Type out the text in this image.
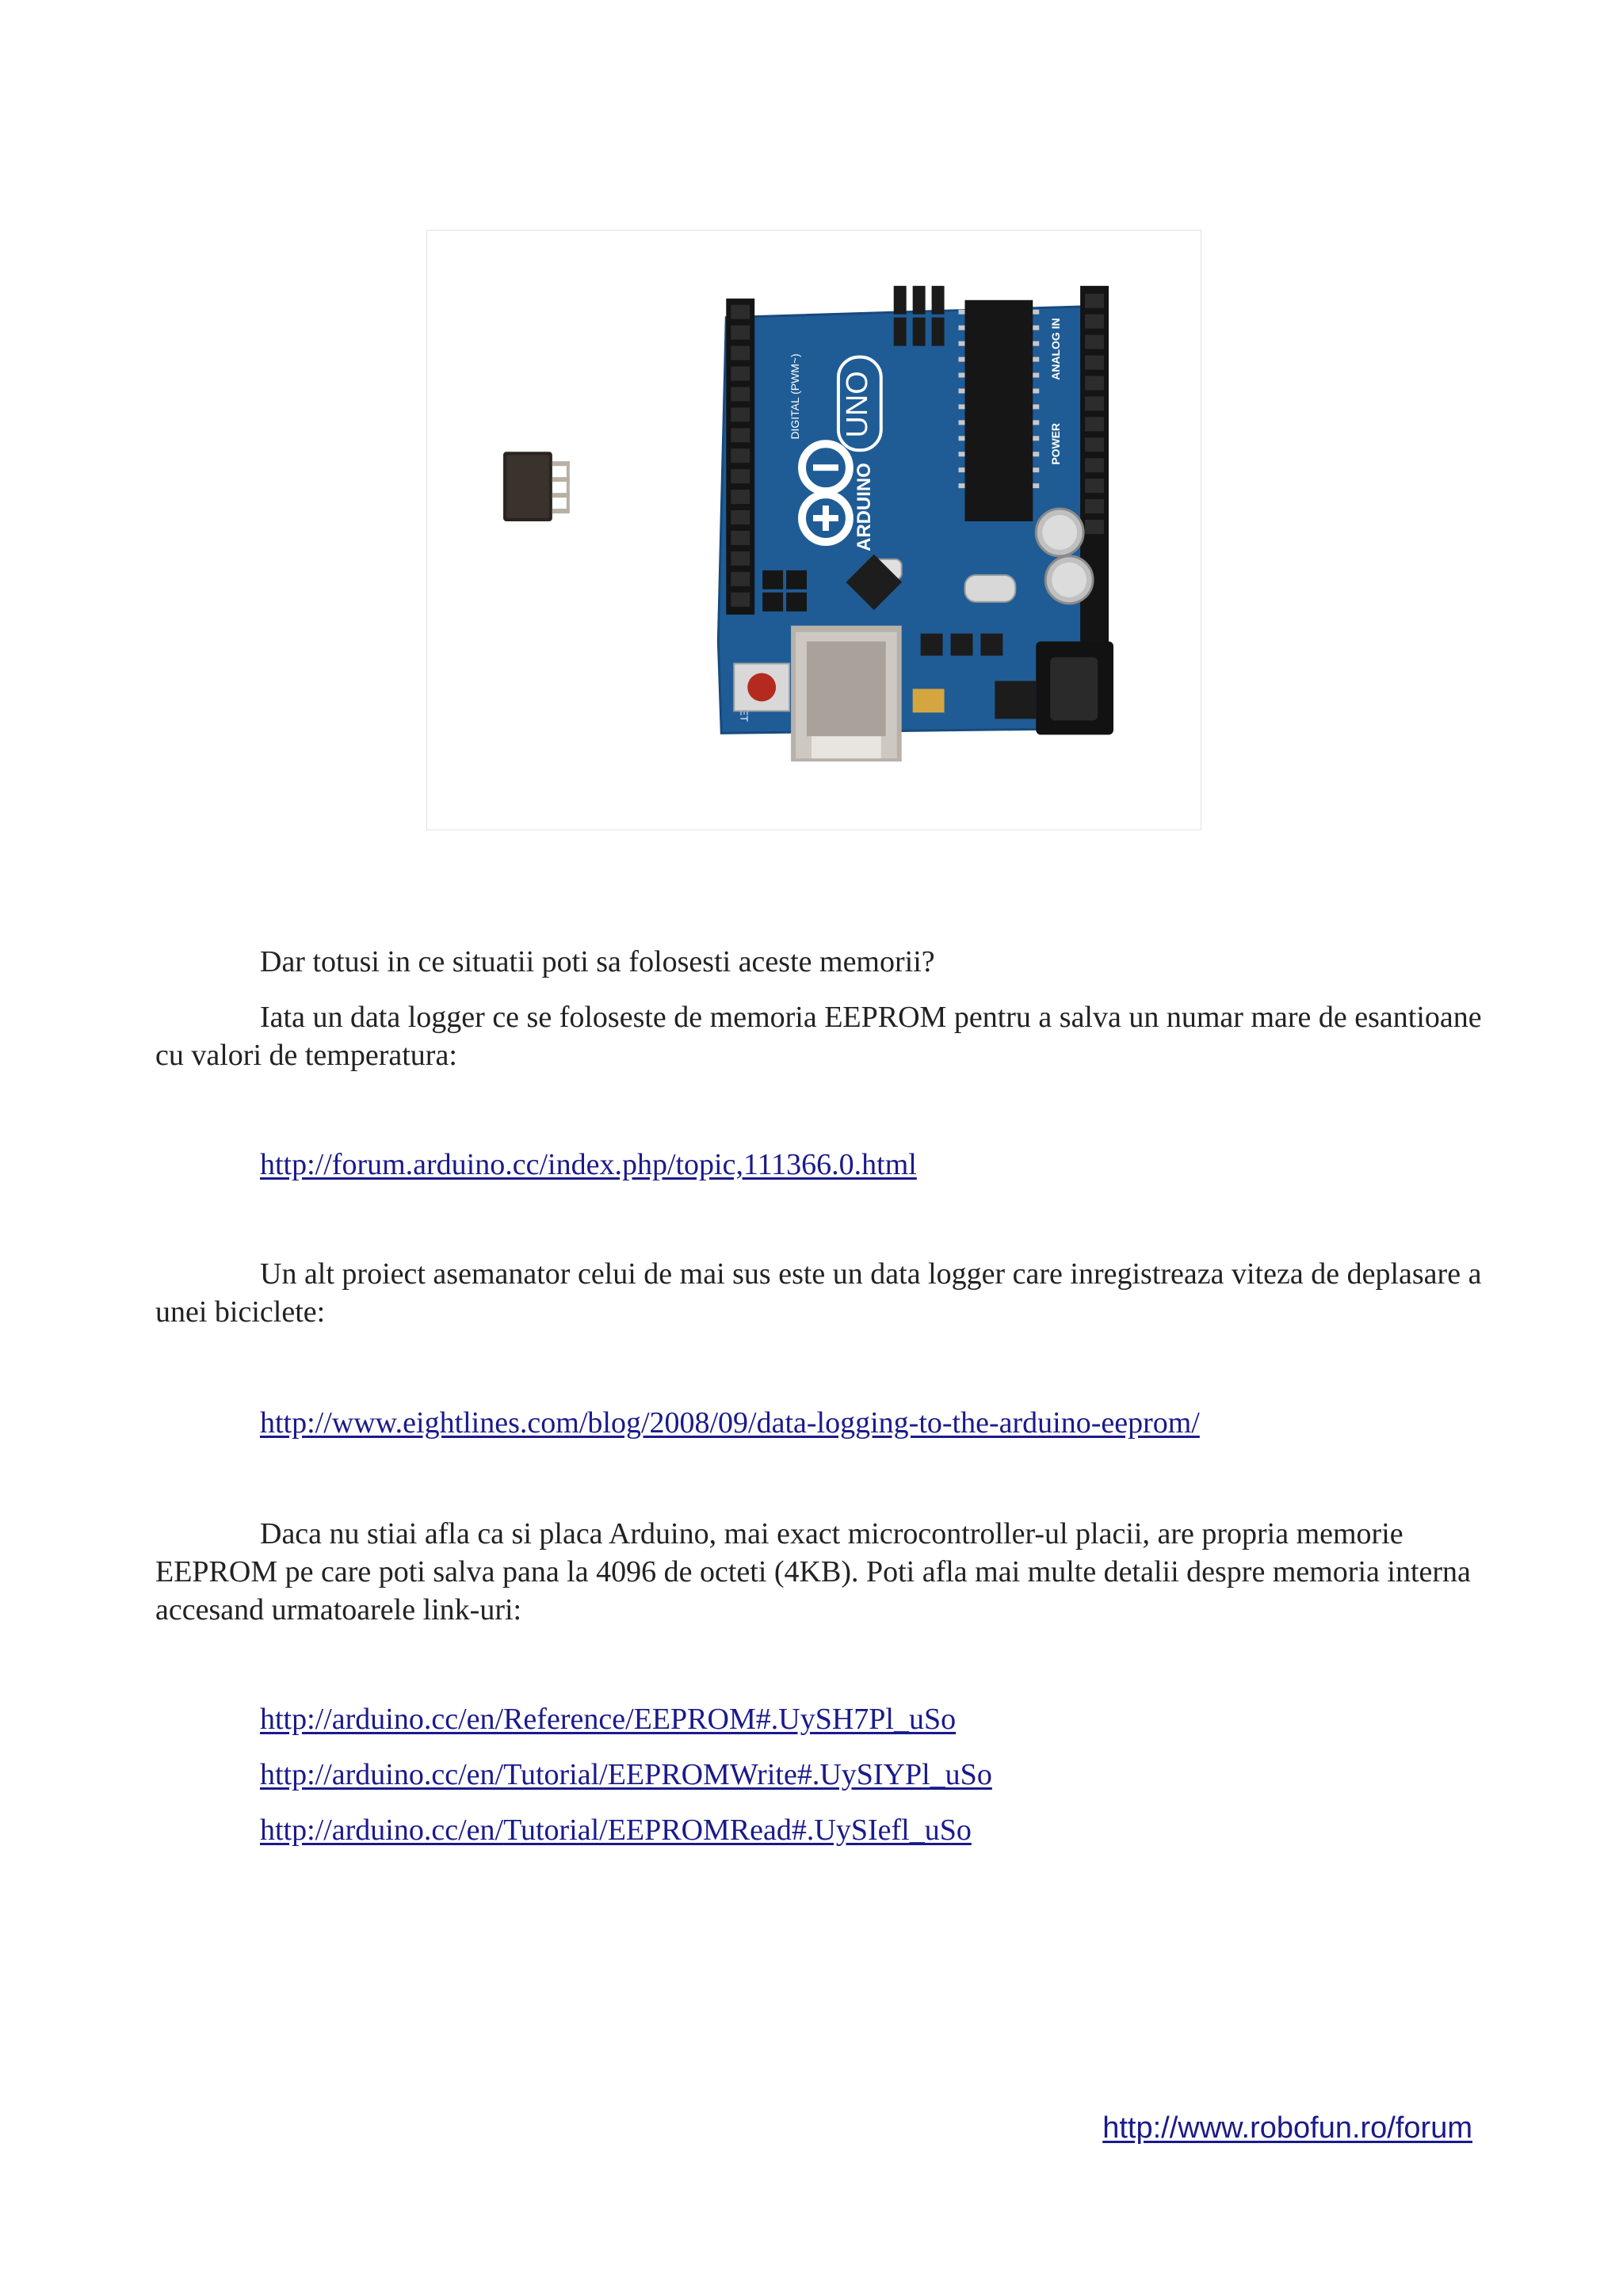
UNO
ARDUINO
DIGITAL (PWM~)
ANALOG IN
POWER

Dar totusi in ce situatii poti sa folosesti aceste memorii?

Iata un data logger ce se foloseste de memoria EEPROM pentru a salva un numar mare de esantioane cu valori de temperatura:

http://forum.arduino.cc/index.php/topic,111366.0.html

Un alt proiect asemanator celui de mai sus este un data logger care inregistreaza viteza de deplasare a unei biciclete:

http://www.eightlines.com/blog/2008/09/data-logging-to-the-arduino-eeprom/

Daca nu stiai afla ca si placa Arduino, mai exact microcontroller-ul placii, are propria memorie EEPROM pe care poti salva pana la 4096 de octeti (4KB). Poti afla mai multe detalii despre memoria interna accesand urmatoarele link-uri:

http://arduino.cc/en/Reference/EEPROM#.UySH7Pl_uSo
http://arduino.cc/en/Tutorial/EEPROMWrite#.UySIYPl_uSo
http://arduino.cc/en/Tutorial/EEPROMRead#.UySIefl_uSo
http://www.robofun.ro/forum
